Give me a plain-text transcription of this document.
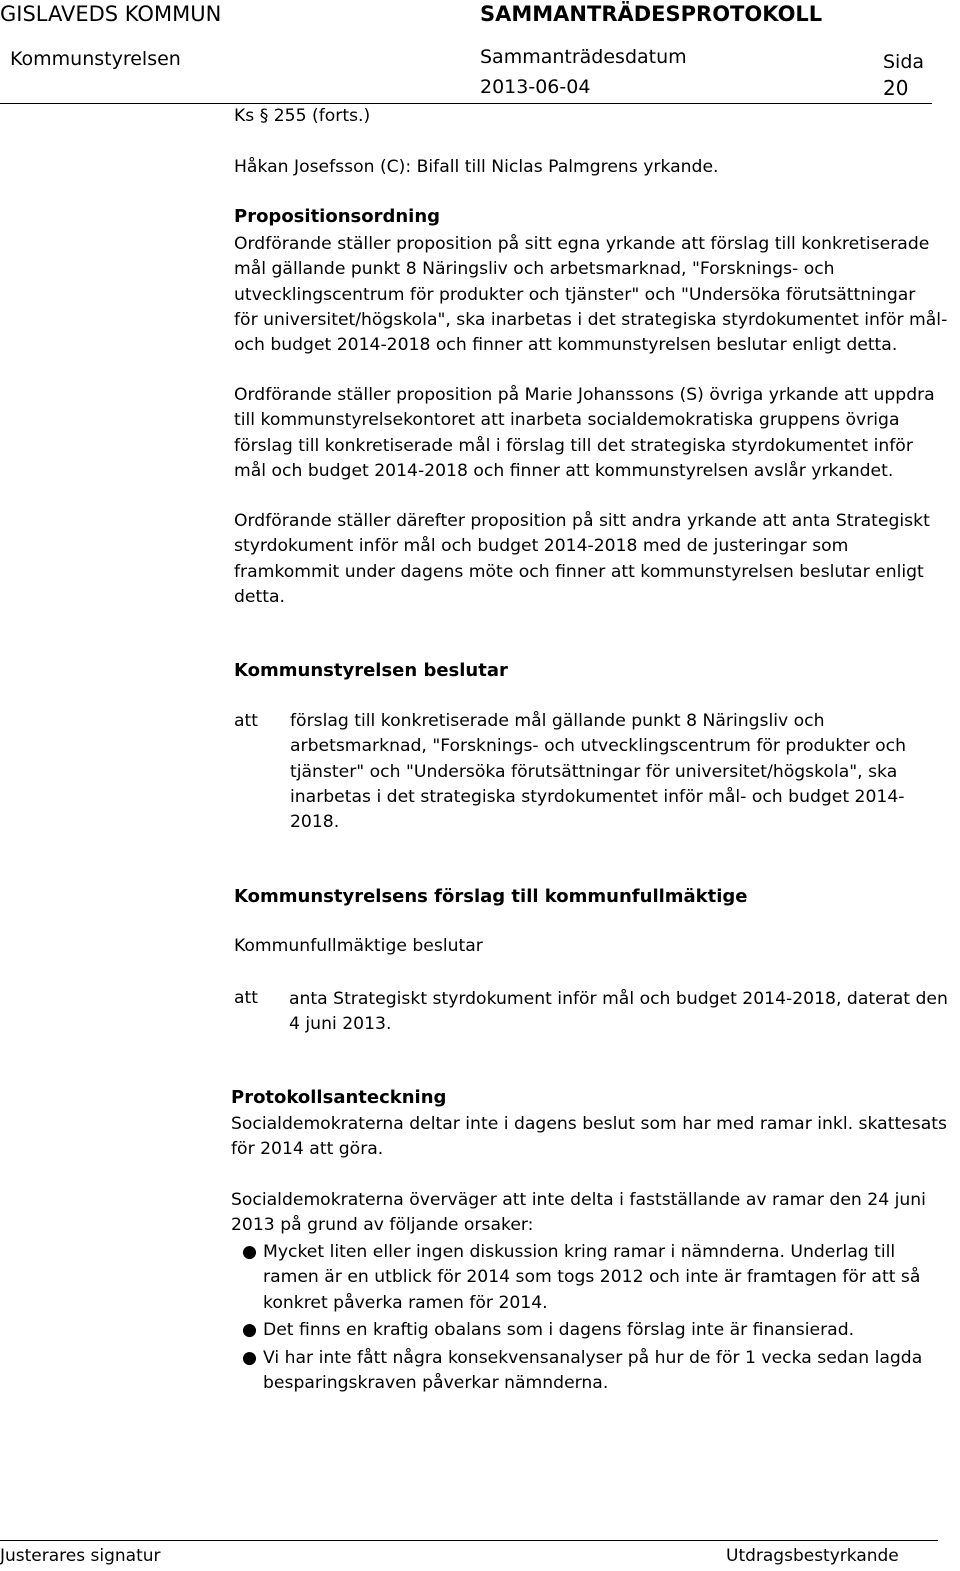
GISLAVEDS KOMMUN	SAMMANTRÄDESPROTOKOLL
Kommunstyrelsen	Sammanträdesdatum	Sida
2013-06-04	20
Ks § 255 (forts.)
Håkan Josefsson (C): Bifall till Niclas Palmgrens yrkande.
Propositionsordning
Ordförande ställer proposition på sitt egna yrkande att förslag till konkretiserade
mål gällande punkt 8 Näringsliv och arbetsmarknad, "Forsknings- och
utvecklingscentrum för produkter och tjänster" och "Undersöka förutsättningar
för universitet/högskola", ska inarbetas i det strategiska styrdokumentet inför mål-
och budget 2014-2018 och finner att kommunstyrelsen beslutar enligt detta.
Ordförande ställer proposition på Marie Johanssons (S) övriga yrkande att uppdra
till kommunstyrelsekontoret att inarbeta socialdemokratiska gruppens övriga
förslag till konkretiserade mål i förslag till det strategiska styrdokumentet inför
mål och budget 2014-2018 och finner att kommunstyrelsen avslår yrkandet.
Ordförande ställer därefter proposition på sitt andra yrkande att anta Strategiskt
styrdokument inför mål och budget 2014-2018 med de justeringar som
framkommit under dagens möte och finner att kommunstyrelsen beslutar enligt
detta.
Kommunstyrelsen beslutar
att förslag till konkretiserade mål gällande punkt 8 Näringsliv och
arbetsmarknad, "Forsknings- och utvecklingscentrum för produkter och
tjänster" och "Undersöka förutsättningar för universitet/högskola", ska
inarbetas i det strategiska styrdokumentet inför mål- och budget 2014-
2018.
Kommunstyrelsens förslag till kommunfullmäktige
Kommunfullmäktige beslutar
att anta Strategiskt styrdokument inför mål och budget 2014-2018, daterat den
4 juni 2013.
Protokollsanteckning
Socialdemokraterna deltar inte i dagens beslut som har med ramar inkl. skattesats
för 2014 att göra.
Socialdemokraterna överväger att inte delta i fastställande av ramar den 24 juni
2013 på grund av följande orsaker:
● Mycket liten eller ingen diskussion kring ramar i nämnderna. Underlag till
ramen är en utblick för 2014 som togs 2012 och inte är framtagen för att så
konkret påverka ramen för 2014.
● Det finns en kraftig obalans som i dagens förslag inte är finansierad.
● Vi har inte fått några konsekvensanalyser på hur de för 1 vecka sedan lagda
besparingskraven påverkar nämnderna.
Justerares signatur	Utdragsbestyrkande
